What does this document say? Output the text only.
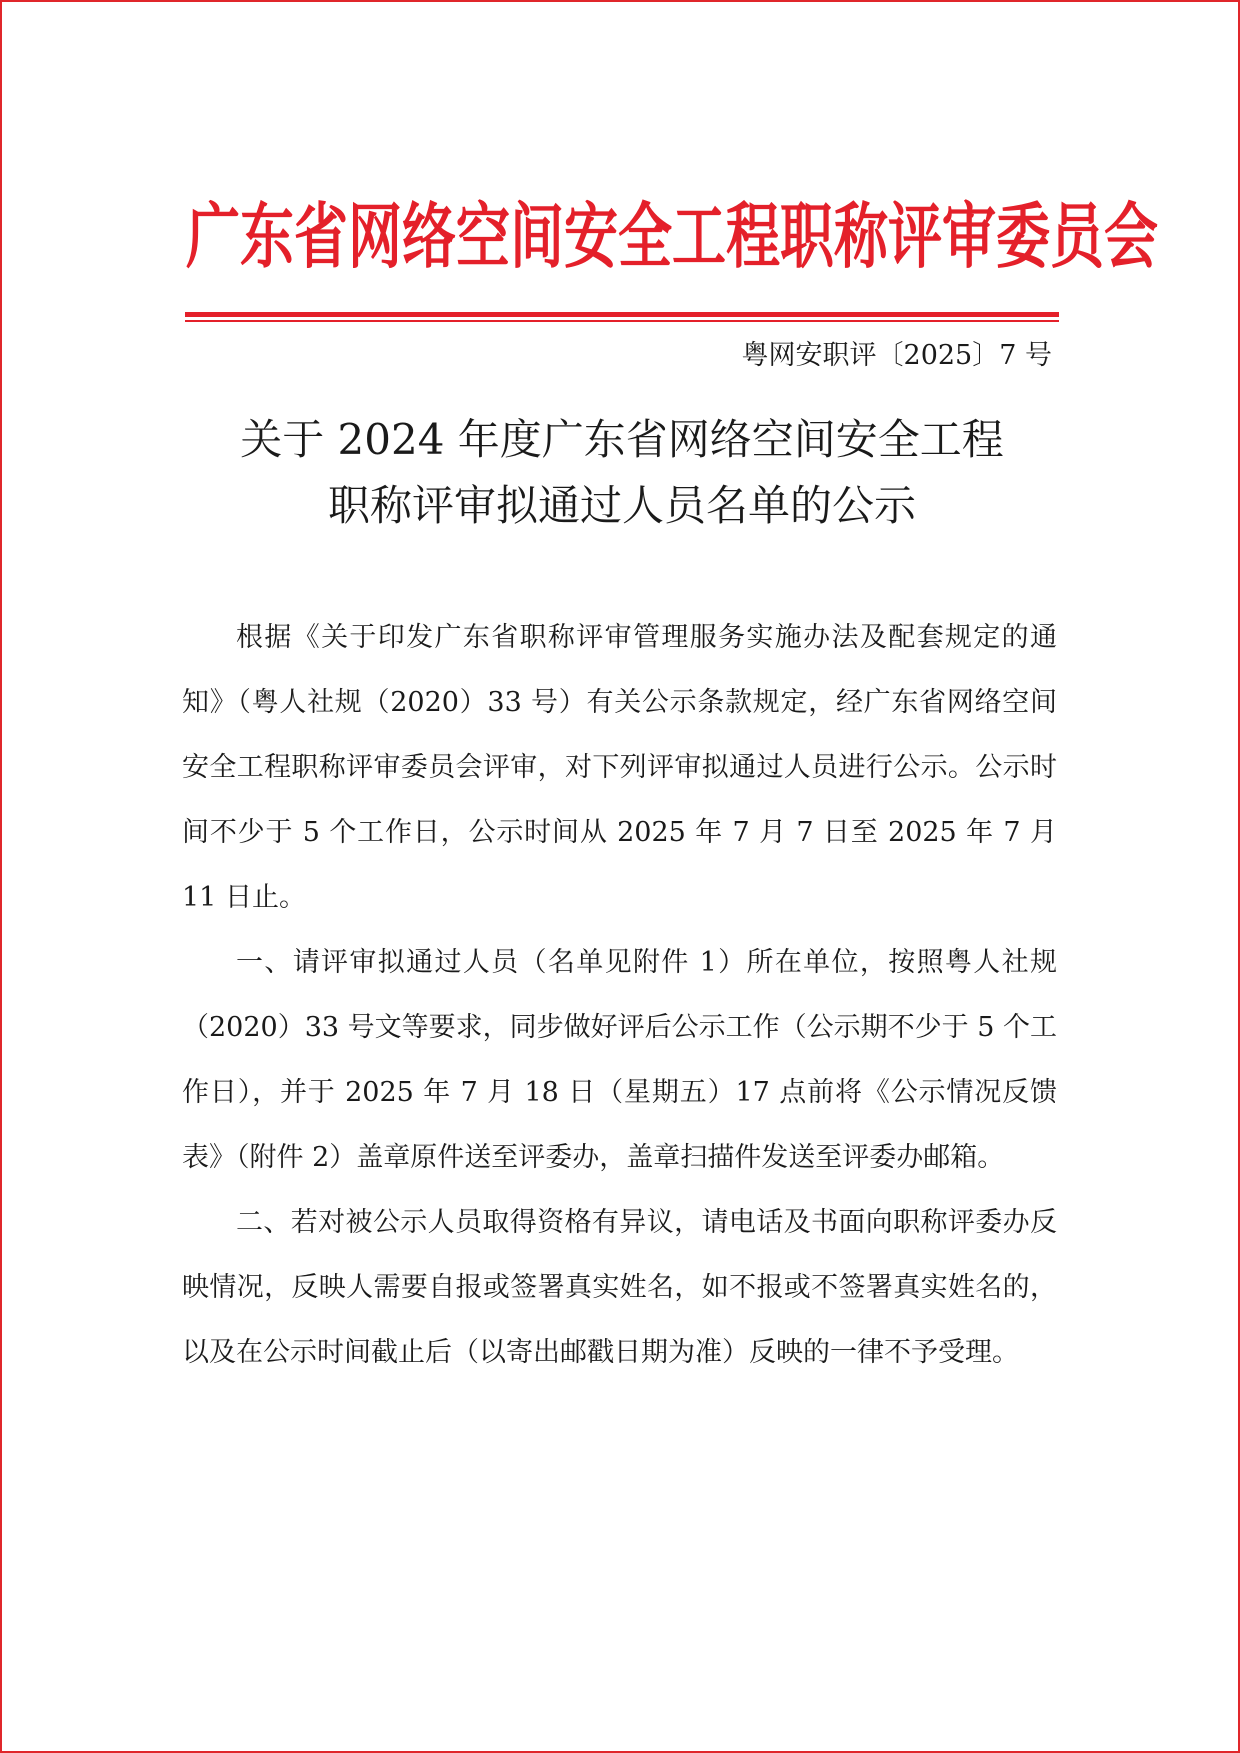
广东省网络空间安全工程职称评审委员会
粤网安职评〔2025〕7 号
关于 2024 年度广东省网络空间安全工程
职称评审拟通过人员名单的公示

根据《关于印发广东省职称评审管理服务实施办法及配套规定的通知》（粤人社规（2020）33 号）有关公示条款规定，经广东省网络空间安全工程职称评审委员会评审，对下列评审拟通过人员进行公示。公示时间不少于 5 个工作日，公示时间从 2025 年 7 月 7 日至 2025 年 7 月 11 日止。

一、请评审拟通过人员（名单见附件 1）所在单位，按照粤人社规（2020）33 号文等要求，同步做好评后公示工作（公示期不少于 5 个工作日），并于 2025 年 7 月 18 日（星期五）17 点前将《公示情况反馈表》（附件 2）盖章原件送至评委办，盖章扫描件发送至评委办邮箱。

二、若对被公示人员取得资格有异议，请电话及书面向职称评委办反映情况，反映人需要自报或签署真实姓名，如不报或不签署真实姓名的，以及在公示时间截止后（以寄出邮戳日期为准）反映的一律不予受理。
